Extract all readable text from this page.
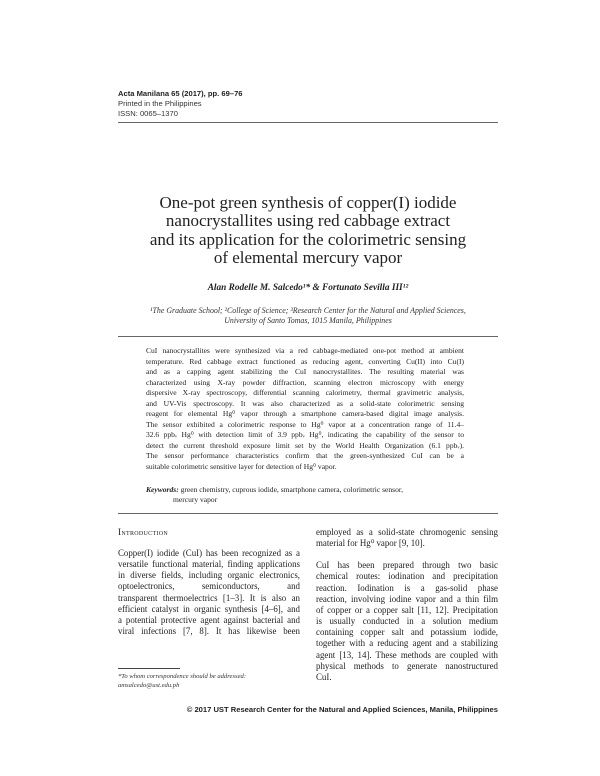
Acta Manilana 65 (2017), pp. 69–76
Printed in the Philippines
ISSN: 0065–1370
One-pot green synthesis of copper(I) iodide
nanocrystallites using red cabbage extract
and its application for the colorimetric sensing
of elemental mercury vapor
Alan Rodelle M. Salcedo¹* & Fortunato Sevilla III¹²
¹The Graduate School; ²College of Science; ³Research Center for the Natural and Applied Sciences,
University of Santo Tomas, 1015 Manila, Philippines
CuI nanocrystallites were synthesized via a red cabbage-mediated one-pot method at ambient
temperature. Red cabbage extract functioned as reducing agent, converting Cu(II) into Cu(I)
and as a capping agent stabilizing the CuI nanocrystallites. The resulting material was
characterized using X-ray powder diffraction, scanning electron microscopy with energy
dispersive X-ray spectroscopy, differential scanning calorimetry, thermal gravimetric analysis,
and UV-Vis spectroscopy. It was also characterized as a solid-state colorimetric sensing
reagent for elemental Hg⁰ vapor through a smartphone camera-based digital image analysis.
The sensor exhibited a colorimetric response to Hg⁰ vapor at a concentration range of 11.4–
32.6 ppbᵥ Hg⁰ with detection limit of 3.9 ppbᵥ Hg⁰, indicating the capability of the sensor to
detect the current threshold exposure limit set by the World Health Organization (6.1 ppbᵥ).
The sensor performance characteristics confirm that the green-synthesized CuI can be a
suitable colorimetric sensitive layer for detection of Hg⁰ vapor.
Keywords: green chemistry, cuprous iodide, smartphone camera, colorimetric sensor,
mercury vapor
Introduction
Copper(I) iodide (CuI) has been recognized as a
versatile functional material, finding applications
in diverse fields, including organic electronics,
optoelectronics, semiconductors, and
transparent thermoelectrics [1–3]. It is also an
efficient catalyst in organic synthesis [4–6], and
a potential protective agent against bacterial and
viral infections [7, 8]. It has likewise been
employed as a solid-state chromogenic sensing
material for Hg⁰ vapor [9, 10].
CuI has been prepared through two basic
chemical routes: iodination and precipitation
reaction. Iodination is a gas-solid phase
reaction, involving iodine vapor and a thin film
of copper or a copper salt [11, 12]. Precipitation
is usually conducted in a solution medium
containing copper salt and potassium iodide,
together with a reducing agent and a stabilizing
agent [13, 14]. These methods are coupled with
physical methods to generate nanostructured
CuI.
*To whom correspondence should be addressed:
amsalcedo@ust.edu.ph
© 2017 UST Research Center for the Natural and Applied Sciences, Manila, Philippines
